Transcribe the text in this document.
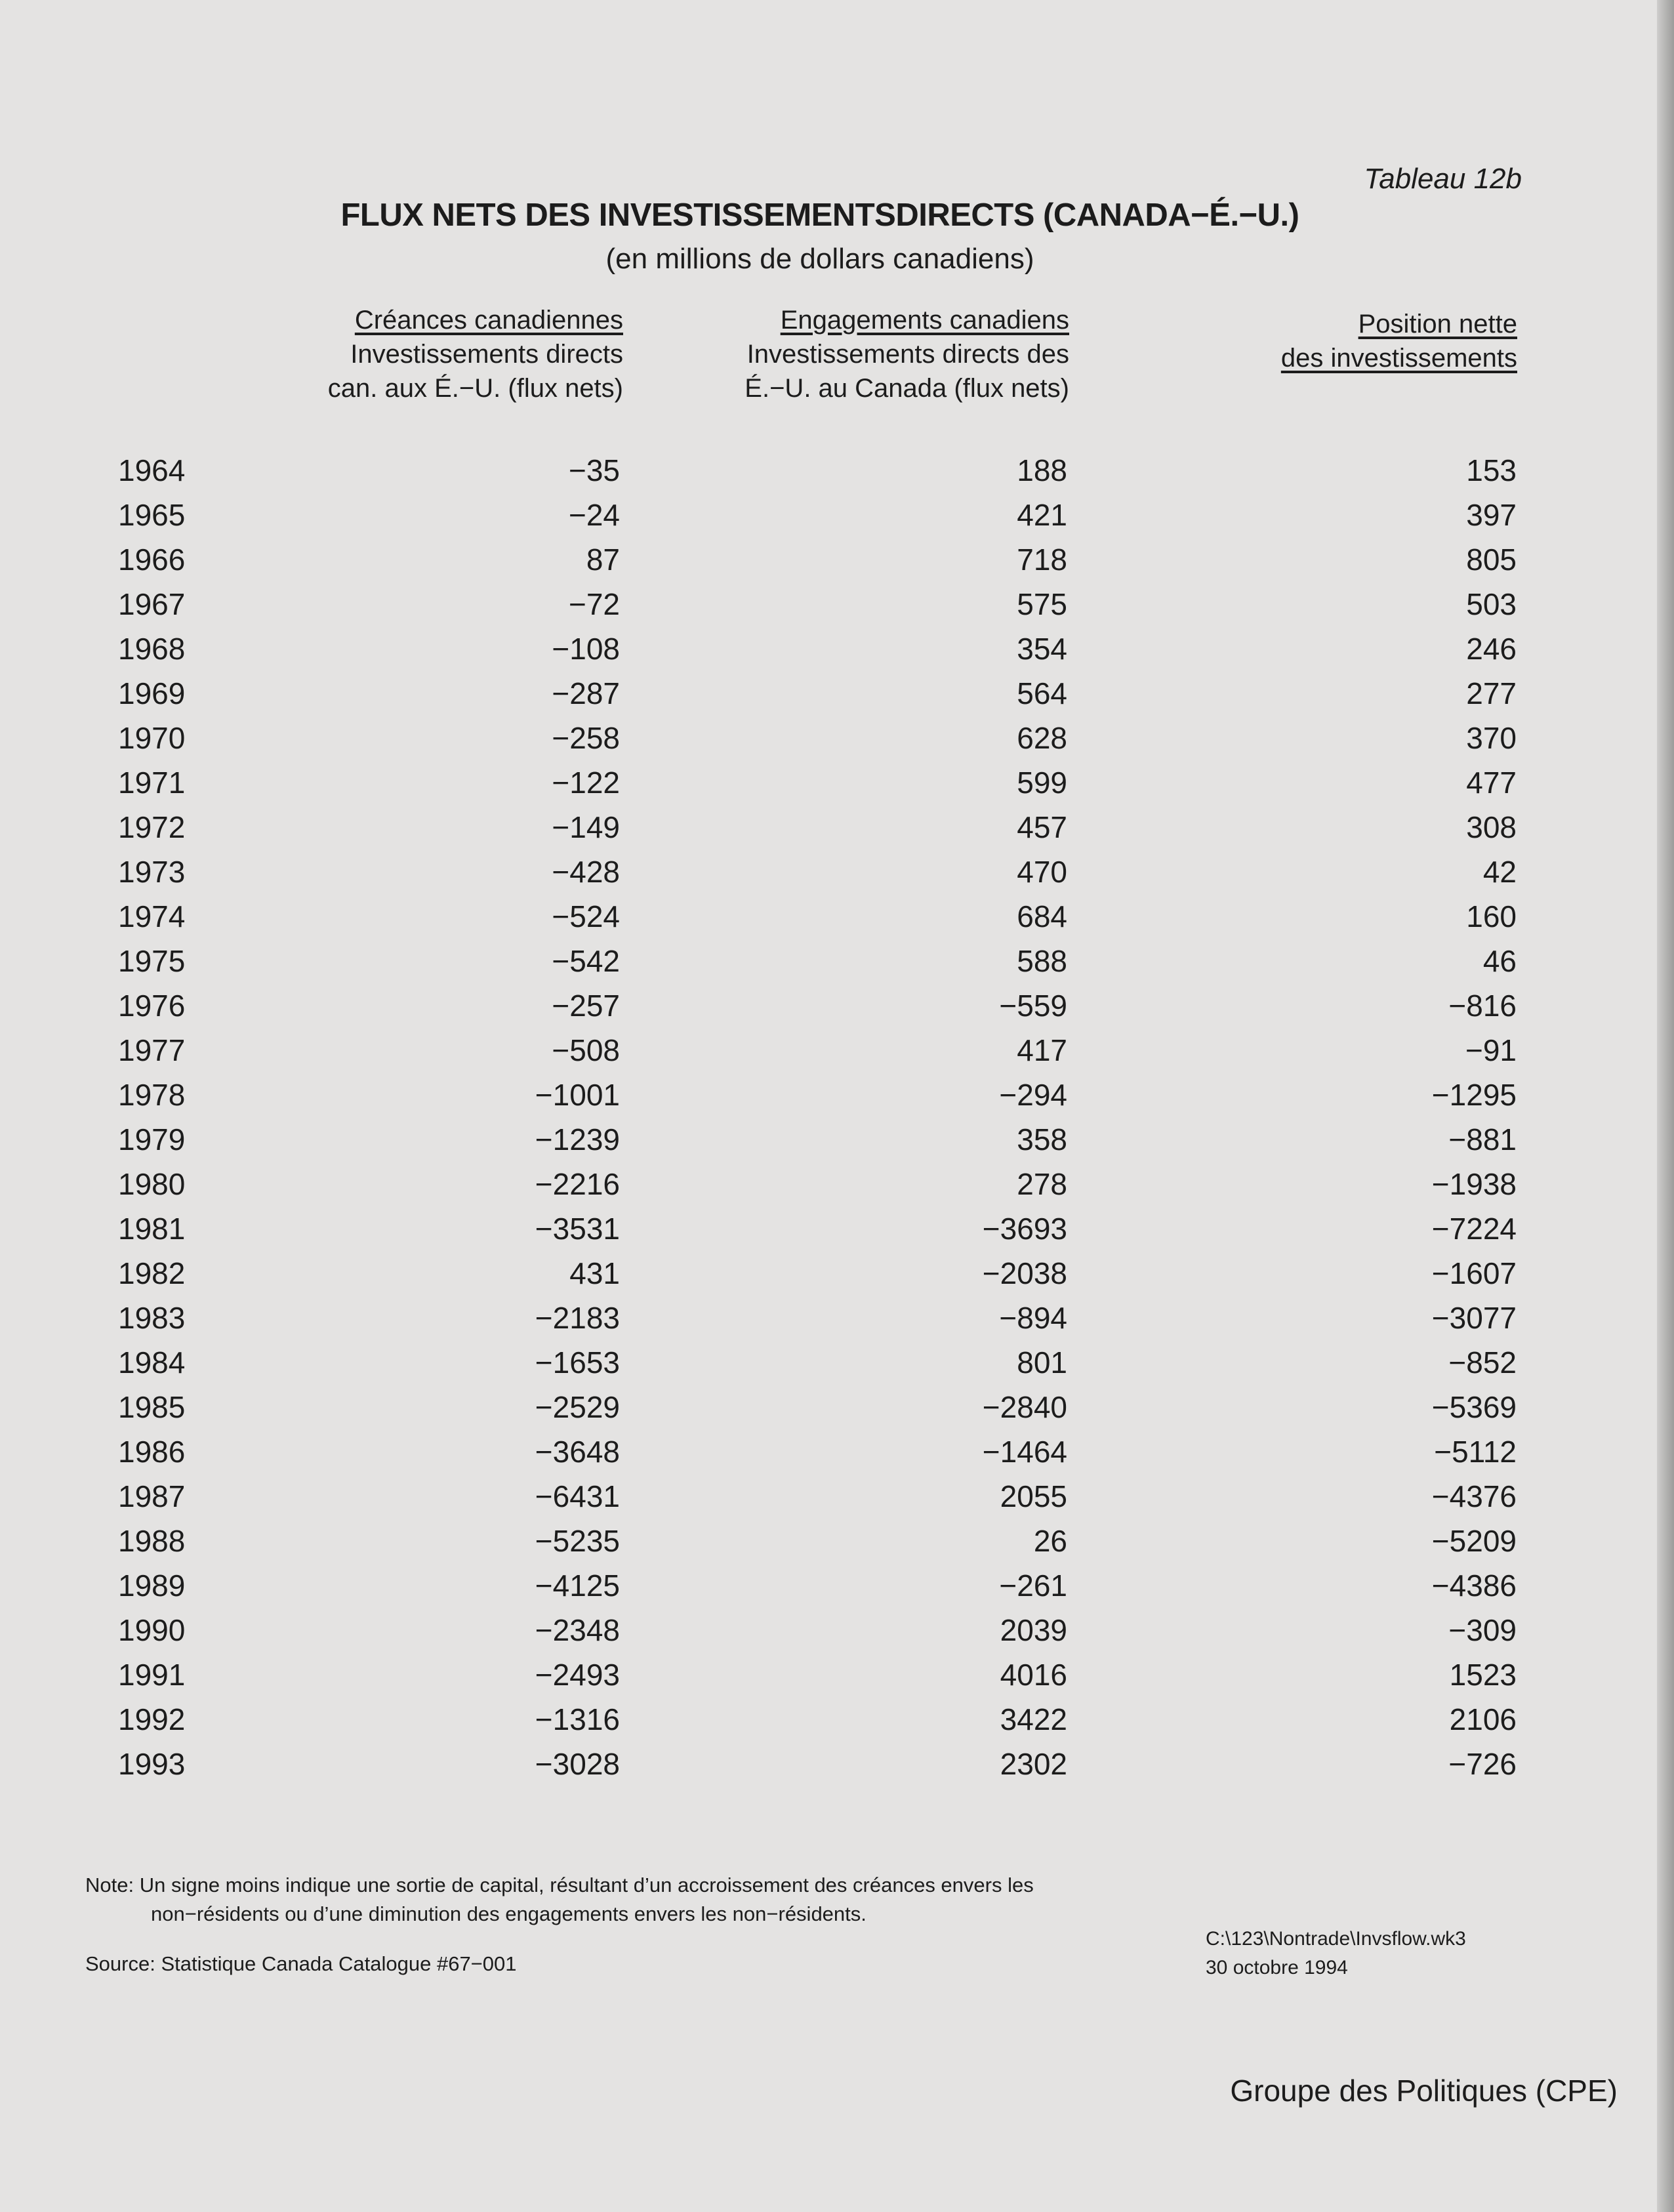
Tableau 12b
FLUX NETS DES INVESTISSEMENTSDIRECTS (CANADA−É.−U.)
(en millions de dollars canadiens)
Créances canadiennes
Investissements directs
can. aux É.−U. (flux nets)
Engagements canadiens
Investissements directs des
É.−U. au Canada (flux nets)
Position nette
des investissements
1964	−35	188	153
1965	−24	421	397
1966	87	718	805
1967	−72	575	503
1968	−108	354	246
1969	−287	564	277
1970	−258	628	370
1971	−122	599	477
1972	−149	457	308
1973	−428	470	42
1974	−524	684	160
1975	−542	588	46
1976	−257	−559	−816
1977	−508	417	−91
1978	−1001	−294	−1295
1979	−1239	358	−881
1980	−2216	278	−1938
1981	−3531	−3693	−7224
1982	431	−2038	−1607
1983	−2183	−894	−3077
1984	−1653	801	−852
1985	−2529	−2840	−5369
1986	−3648	−1464	−5112
1987	−6431	2055	−4376
1988	−5235	26	−5209
1989	−4125	−261	−4386
1990	−2348	2039	−309
1991	−2493	4016	1523
1992	−1316	3422	2106
1993	−3028	2302	−726
Note: Un signe moins indique une sortie de capital, résultant d’un accroissement des créances envers les
non−résidents ou d’une diminution des engagements envers les non−résidents.
Source: Statistique Canada Catalogue #67−001
C:\123\Nontrade\Invsflow.wk3
30 octobre 1994
Groupe des Politiques (CPE)
